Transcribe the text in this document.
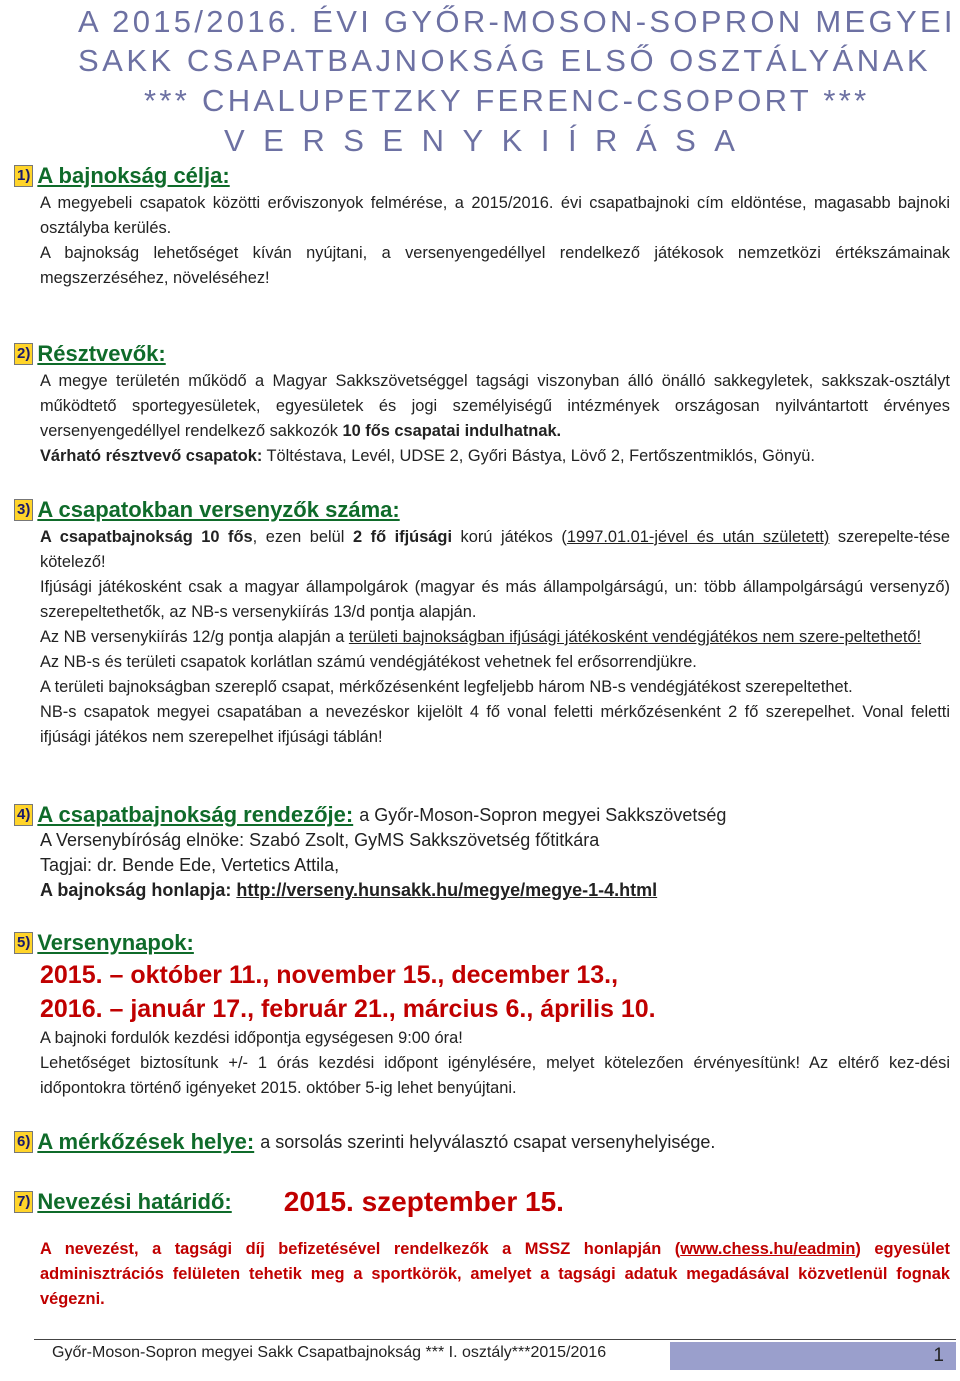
A 2015/2016. ÉVI GYŐR-MOSON-SOPRON MEGYEI
SAKK CSAPATBAJNOKSÁG ELSŐ OSZTÁLYÁNAK
*** CHALUPETZKY FERENC-CSOPORT ***
VERSENYKIÍRÁSA
1) A bajnokság célja:

A megyebeli csapatok közötti erőviszonyok felmérése, a 2015/2016. évi csapatbajnoki cím eldöntése, magasabb bajnoki osztályba kerülés.

A bajnokság lehetőséget kíván nyújtani, a versenyengedéllyel rendelkező játékosok nemzetközi értékszámainak megszerzéséhez, növeléséhez!

2) Résztvevők:

A megye területén működő a Magyar Sakkszövetséggel tagsági viszonyban álló önálló sakkegyletek, sakkszak-osztályt működtető sportegyesületek, egyesületek és jogi személyiségű intézmények országosan nyilvántartott érvényes versenyengedéllyel rendelkező sakkozók 10 fős csapatai indulhatnak.

Várható résztvevő csapatok: Töltéstava, Levél, UDSE 2, Győri Bástya, Lövő 2, Fertőszentmiklós, Gönyü.

3) A csapatokban versenyzők száma:

A csapatbajnokság 10 fős, ezen belül 2 fő ifjúsági korú játékos (1997.01.01-jével és után született) szerepelte-tése kötelező!

Ifjúsági játékosként csak a magyar állampolgárok (magyar és más állampolgárságú, un: több állampolgárságú versenyző) szerepeltethetők, az NB-s versenykiírás 13/d pontja alapján.

Az NB versenykiírás 12/g pontja alapján a területi bajnokságban ifjúsági játékosként vendégjátékos nem szere-peltethető!

Az NB-s és területi csapatok korlátlan számú vendégjátékost vehetnek fel erősorrendjükre.

A területi bajnokságban szereplő csapat, mérkőzésenként legfeljebb három NB-s vendégjátékost szerepeltethet.

NB-s csapatok megyei csapatában a nevezéskor kijelölt 4 fő vonal feletti mérkőzésenként 2 fő szerepelhet. Vonal feletti ifjúsági játékos nem szerepelhet ifjúsági táblán!

4) A csapatbajnokság rendezője: a Győr-Moson-Sopron megyei Sakkszövetség

A Versenybíróság elnöke: Szabó Zsolt, GyMS Sakkszövetség főtitkára

Tagjai: dr. Bende Ede, Vertetics Attila,

A bajnokság honlapja: http://verseny.hunsakk.hu/megye/megye-1-4.html

5) Versenynapok:

2015. – október 11., november 15., december 13.,

2016. – január 17., február 21., március 6., április 10.

A bajnoki fordulók kezdési időpontja egységesen 9:00 óra!

Lehetőséget biztosítunk +/- 1 órás kezdési időpont igénylésére, melyet kötelezően érvényesítünk! Az eltérő kez-dési időpontokra történő igényeket 2015. október 5-ig lehet benyújtani.

6) A mérkőzések helye: a sorsolás szerinti helyválasztó csapat versenyhelyisége.
7) Nevezési határidő: 2015. szeptember 15.

A nevezést, a tagsági díj befizetésével rendelkezők a MSSZ honlapján (www.chess.hu/eadmin) egyesület adminisztrációs felületen tehetik meg a sportkörök, amelyet a tagsági adatuk megadásával közvetlenül fognak végezni.

Győr-Moson-Sopron megyei Sakk Csapatbajnokság *** I. osztály***2015/2016	1
